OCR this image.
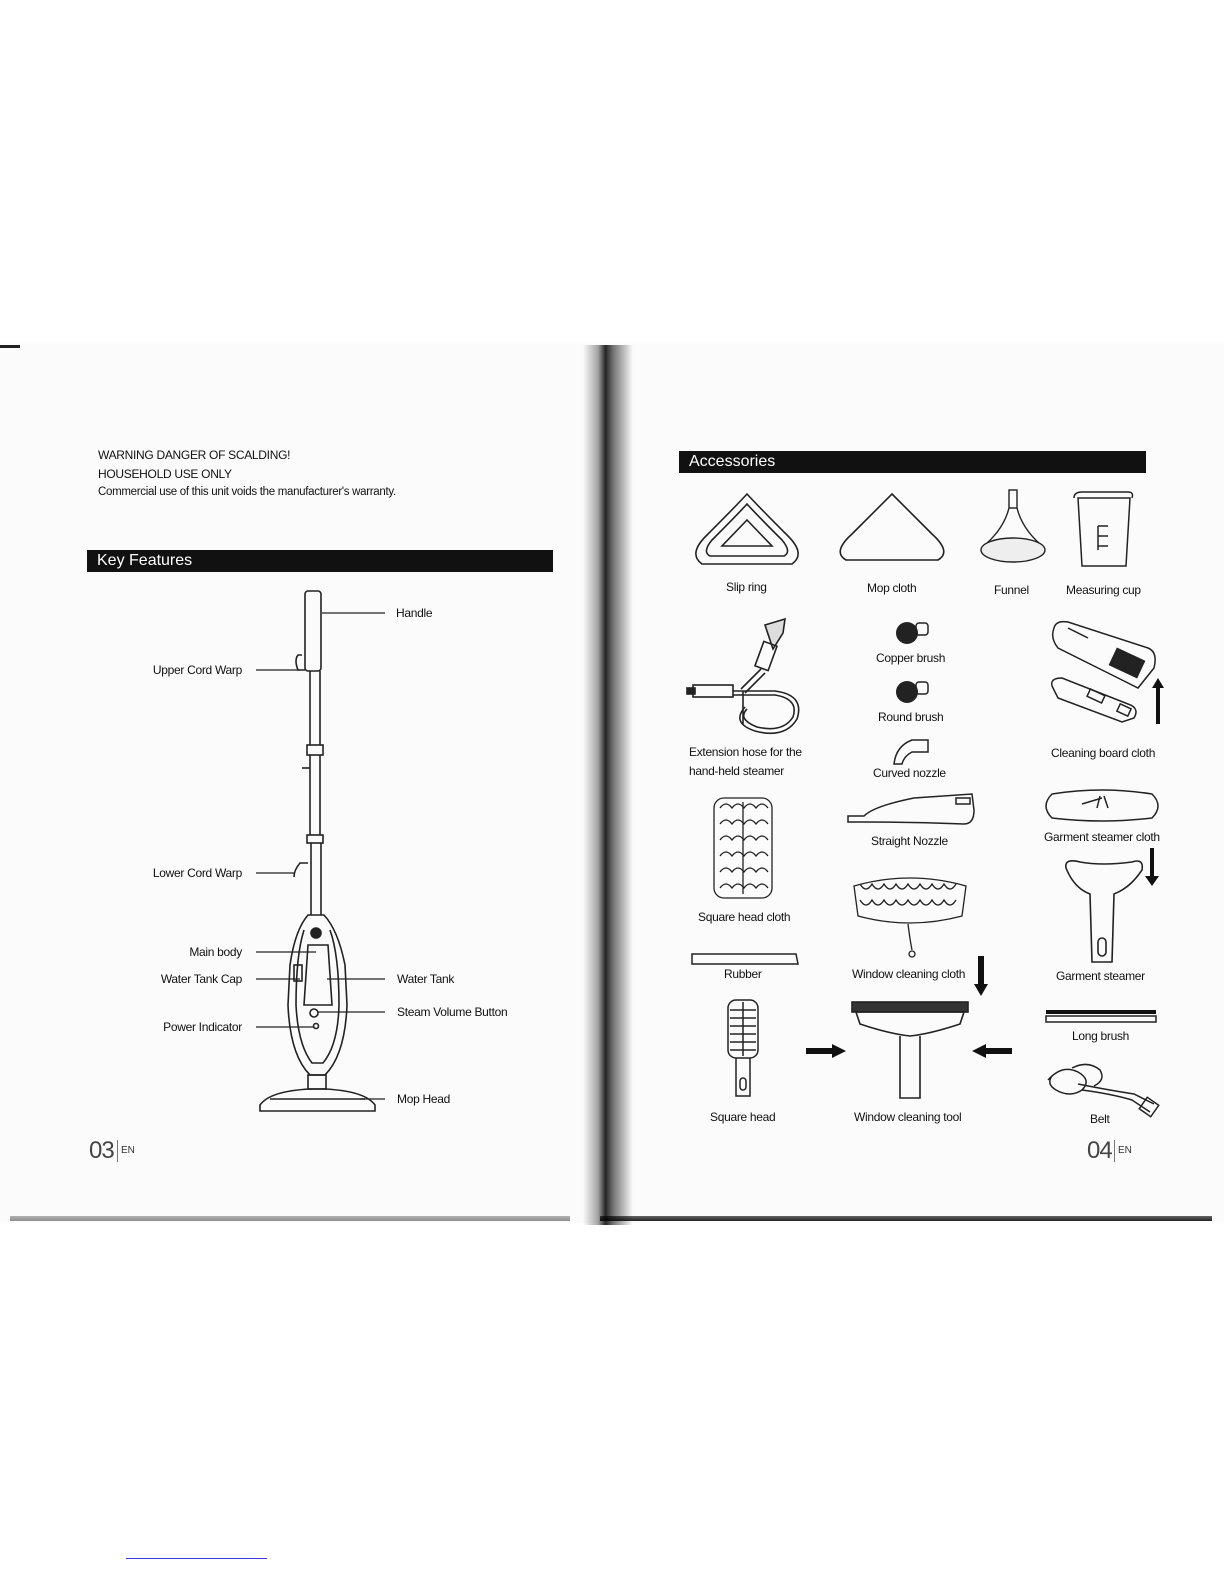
WARNING DANGER OF SCALDING!
HOUSEHOLD USE ONLY
Commercial use of this unit voids the manufacturer's warranty.
Key Features
Handle
Upper Cord Warp
Lower Cord Warp
Main body
Water Tank Cap
Power Indicator
Water Tank
Steam Volume Button
Mop Head
03 EN
Accessories
Slip ring	Mop cloth	Funnel	Measuring cup
Extension hose for the hand-held steamer
Copper brush
Round brush
Curved nozzle
Cleaning board cloth
Square head cloth
Straight Nozzle	Garment steamer cloth
Window cleaning cloth	Garment steamer
Rubber
Long brush
Square head	Window cleaning tool	Belt
04 EN
